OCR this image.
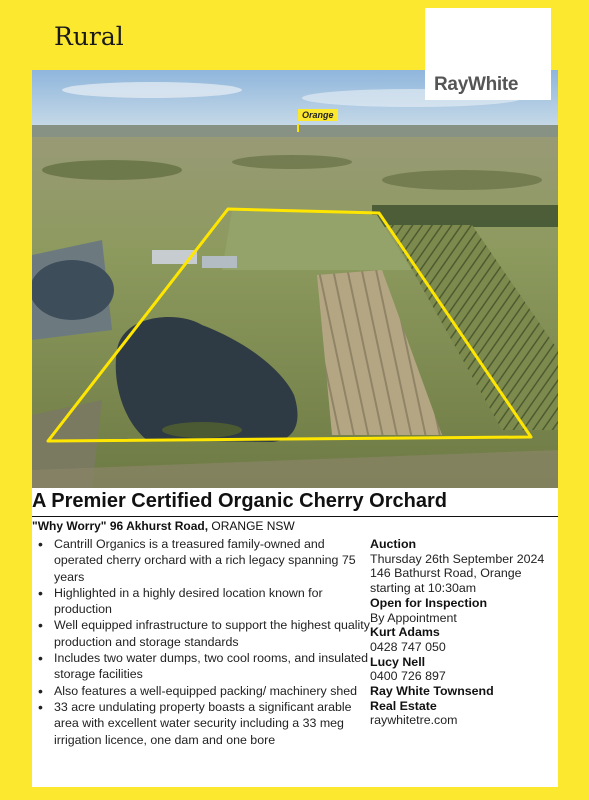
Rural
RayWhite
Orange
A Premier Certified Organic Cherry Orchard
"Why Worry" 96 Akhurst Road, ORANGE NSW
• Cantrill Organics is a treasured family-owned and operated cherry orchard with a rich legacy spanning 75 years
• Highlighted in a highly desired location known for production
• Well equipped infrastructure to support the highest quality production and storage standards
• Includes two water dumps, two cool rooms, and insulated storage facilities
• Also features a well-equipped packing/ machinery shed
• 33 acre undulating property boasts a significant arable area with excellent water security including a 33 meg irrigation licence, one dam and one bore
Auction
Thursday 26th September 2024
146 Bathurst Road, Orange
starting at 10:30am
Open for Inspection
By Appointment
Kurt Adams
0428 747 050
Lucy Nell
0400 726 897
Ray White Townsend
Real Estate
raywhitetre.com
